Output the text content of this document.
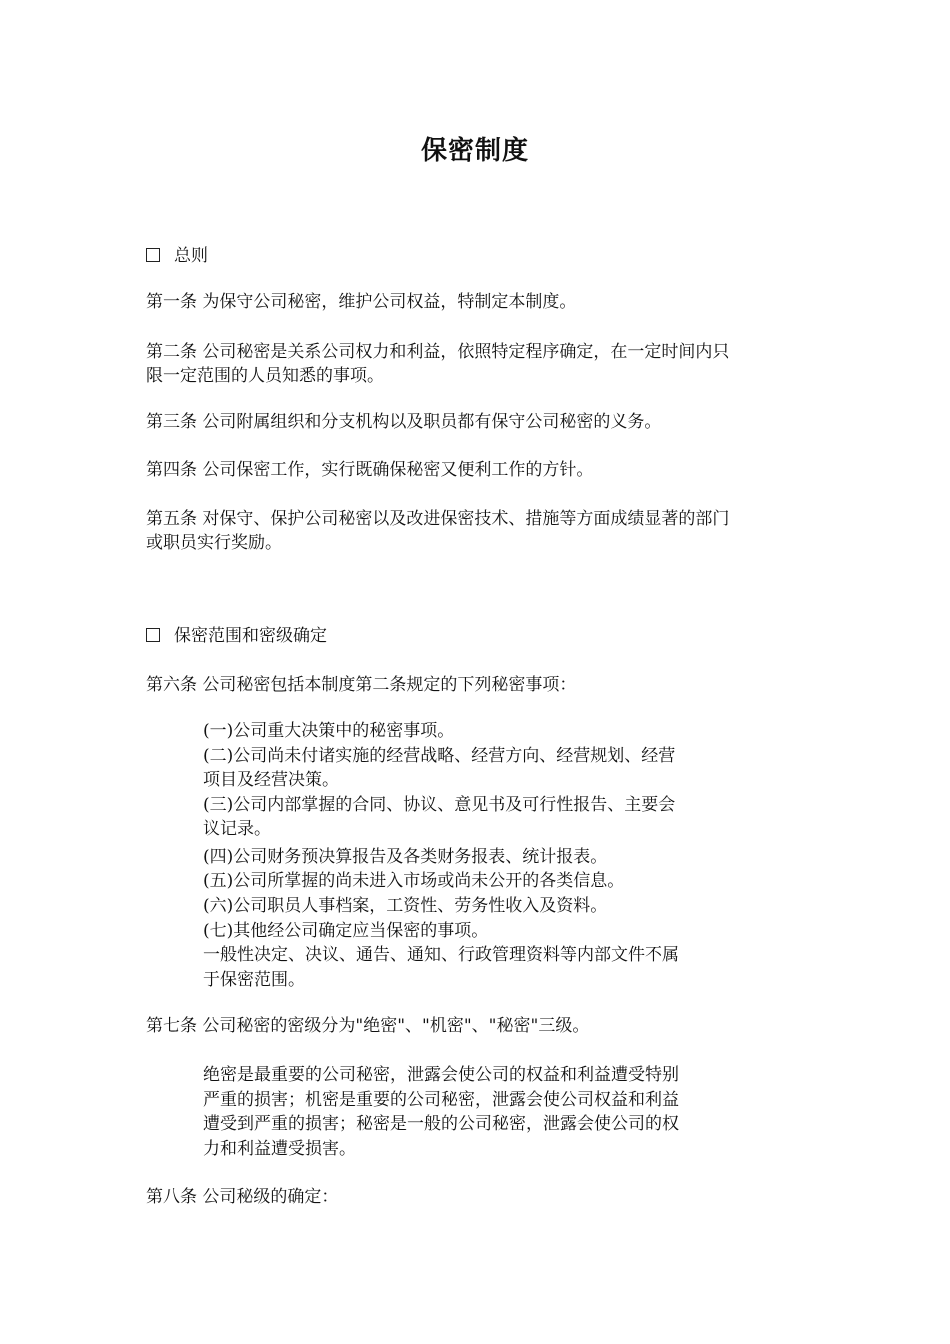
保密制度
总则
第一条 为保守公司秘密，维护公司权益，特制定本制度。
第二条 公司秘密是关系公司权力和利益，依照特定程序确定，在一定时间内只
限一定范围的人员知悉的事项。
第三条 公司附属组织和分支机构以及职员都有保守公司秘密的义务。
第四条 公司保密工作，实行既确保秘密又便利工作的方针。
第五条 对保守、保护公司秘密以及改进保密技术、措施等方面成绩显著的部门
或职员实行奖励。
保密范围和密级确定
第六条 公司秘密包括本制度第二条规定的下列秘密事项：
(一)公司重大决策中的秘密事项。
(二)公司尚未付诸实施的经营战略、经营方向、经营规划、经营
项目及经营决策。
(三)公司内部掌握的合同、协议、意见书及可行性报告、主要会
议记录。
(四)公司财务预决算报告及各类财务报表、统计报表。
(五)公司所掌握的尚未进入市场或尚未公开的各类信息。
(六)公司职员人事档案，工资性、劳务性收入及资料。
(七)其他经公司确定应当保密的事项。
一般性决定、决议、通告、通知、行政管理资料等内部文件不属
于保密范围。
第七条 公司秘密的密级分为"绝密"、"机密"、"秘密"三级。
绝密是最重要的公司秘密，泄露会使公司的权益和利益遭受特别
严重的损害；机密是重要的公司秘密，泄露会使公司权益和利益
遭受到严重的损害；秘密是一般的公司秘密，泄露会使公司的权
力和利益遭受损害。
第八条 公司秘级的确定：
